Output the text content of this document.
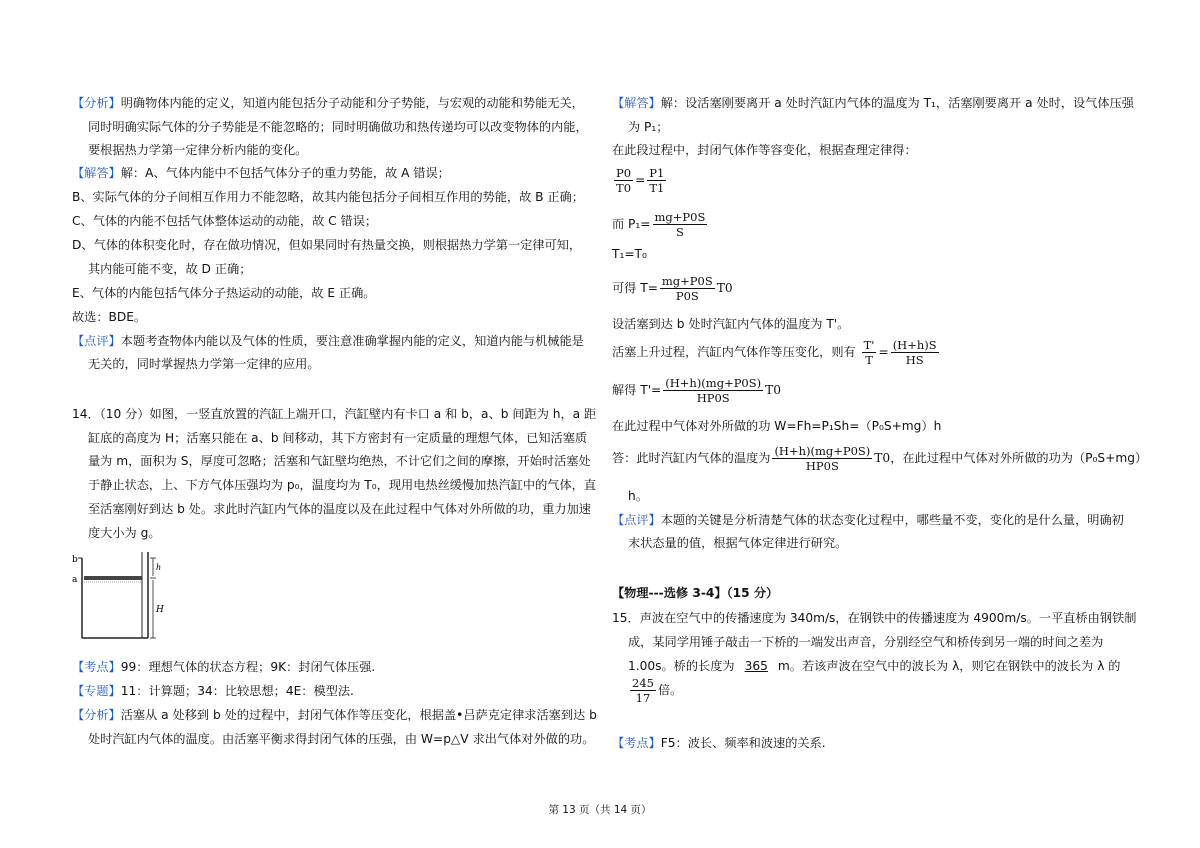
【分析】明确物体内能的定义，知道内能包括分子动能和分子势能，与宏观的动能和势能无关，
同时明确实际气体的分子势能是不能忽略的；同时明确做功和热传递均可以改变物体的内能，
要根据热力学第一定律分析内能的变化。
【解答】解：A、气体内能中不包括气体分子的重力势能，故 A 错误；
B、实际气体的分子间相互作用力不能忽略，故其内能包括分子间相互作用的势能，故 B 正确；
C、气体的内能不包括气体整体运动的动能，故 C 错误；
D、气体的体积变化时，存在做功情况，但如果同时有热量交换，则根据热力学第一定律可知，
其内能可能不变，故 D 正确；
E、气体的内能包括气体分子热运动的动能，故 E 正确。
故选：BDE。
【点评】本题考查物体内能以及气体的性质，要注意准确掌握内能的定义，知道内能与机械能是
无关的，同时掌握热力学第一定律的应用。
14．（10 分）如图，一竖直放置的汽缸上端开口，汽缸壁内有卡口 a 和 b，a、b 间距为 h，a 距
缸底的高度为 H；活塞只能在 a、b 间移动，其下方密封有一定质量的理想气体，已知活塞质
量为 m，面积为 S，厚度可忽略；活塞和气缸壁均绝热，不计它们之间的摩擦，开始时活塞处
于静止状态，上、下方气体压强均为 p₀，温度均为 T₀，现用电热丝缓慢加热汽缸中的气体，直
至活塞刚好到达 b 处。求此时汽缸内气体的温度以及在此过程中气体对外所做的功，重力加速
度大小为 g。
b
a
h
H
【考点】99：理想气体的状态方程；9K：封闭气体压强.
【专题】11：计算题；34：比较思想；4E：模型法.
【分析】活塞从 a 处移到 b 处的过程中，封闭气体作等压变化，根据盖•吕萨克定律求活塞到达 b
处时汽缸内气体的温度。由活塞平衡求得封闭气体的压强，由 W=p△V 求出气体对外做的功。
【解答】解：设活塞刚要离开 a 处时汽缸内气体的温度为 T₁，活塞刚要离开 a 处时，设气体压强
为 P₁；
在此段过程中，封闭气体作等容变化，根据查理定律得：
$\frac{P0}{T0} = \frac{P1}{T1}$
而 $P_1= \frac{mg+P0S}{S}$
T₁=T₀
可得 $T= \frac{mg+P0S}{P0S} T0$
设活塞到达 b 处时汽缸内气体的温度为 T'。
活塞上升过程，汽缸内气体作等压变化，则有 $\frac{T'}{T} = \frac{(H+h)S}{HS}$
解得 $T'= \frac{(H+h)(mg+P0S)}{HP0S} T0$
在此过程中气体对外所做的功 W=Fh=P₁Sh=（P₀S+mg）h
答：此时汽缸内气体的温度为 $\frac{(H+h)(mg+P0S)}{HP0S} T0$，在此过程中气体对外所做的功为（P₀S+mg）
h。
【点评】本题的关键是分析清楚气体的状态变化过程中，哪些量不变，变化的是什么量，明确初
末状态量的值，根据气体定律进行研究。
【物理---选修 3-4】（15 分）
15．声波在空气中的传播速度为 340m/s，在钢铁中的传播速度为 4900m/s。一平直桥由钢铁制
成，某同学用锤子敲击一下桥的一端发出声音，分别经空气和桥传到另一端的时间之差为
1.00s。桥的长度为 365 m。若该声波在空气中的波长为 λ，则它在钢铁中的波长为 λ 的
$\frac{245}{17}$ 倍。
【考点】F5：波长、频率和波速的关系.
第 13 页（共 14 页）
